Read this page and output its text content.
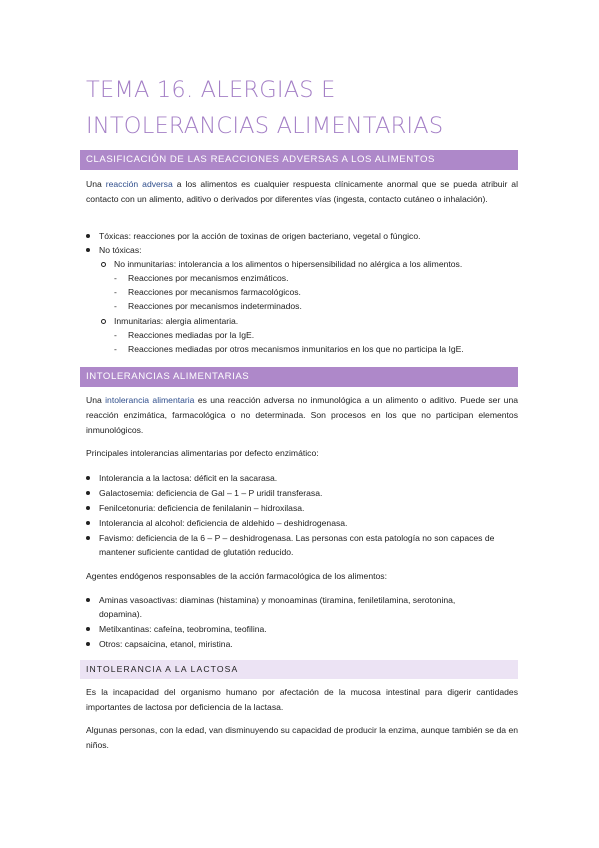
TEMA 16. ALERGIAS E INTOLERANCIAS ALIMENTARIAS
CLASIFICACIÓN DE LAS REACCIONES ADVERSAS A LOS ALIMENTOS
Una reacción adversa a los alimentos es cualquier respuesta clínicamente anormal que se pueda atribuir al contacto con un alimento, aditivo o derivados por diferentes vías (ingesta, contacto cutáneo o inhalación).
Tóxicas: reacciones por la acción de toxinas de origen bacteriano, vegetal o fúngico.
No tóxicas:
No inmunitarias: intolerancia a los alimentos o hipersensibilidad no alérgica a los alimentos.
- Reacciones por mecanismos enzimáticos.
- Reacciones por mecanismos farmacológicos.
- Reacciones por mecanismos indeterminados.
Inmunitarias: alergia alimentaria.
- Reacciones mediadas por la IgE.
- Reacciones mediadas por otros mecanismos inmunitarios en los que no participa la IgE.
INTOLERANCIAS ALIMENTARIAS
Una intolerancia alimentaria es una reacción adversa no inmunológica a un alimento o aditivo. Puede ser una reacción enzimática, farmacológica o no determinada. Son procesos en los que no participan elementos inmunológicos.
Principales intolerancias alimentarias por defecto enzimático:
Intolerancia a la lactosa: déficit en la sacarasa.
Galactosemia: deficiencia de Gal – 1 – P uridil transferasa.
Fenilcetonuria: deficiencia de fenilalanin – hidroxilasa.
Intolerancia al alcohol: deficiencia de aldehido – deshidrogenasa.
Favismo: deficiencia de la 6 – P – deshidrogenasa. Las personas con esta patología no son capaces de
mantener suficiente cantidad de glutatión reducido.
Agentes endógenos responsables de la acción farmacológica de los alimentos:
Aminas vasoactivas: diaminas (histamina) y monoaminas (tiramina, feniletilamina, serotonina,
dopamina).
Metilxantinas: cafeína, teobromina, teofilina.
Otros: capsaicina, etanol, miristina.
INTOLERANCIA A LA LACTOSA
Es la incapacidad del organismo humano por afectación de la mucosa intestinal para digerir cantidades importantes de lactosa por deficiencia de la lactasa.
Algunas personas, con la edad, van disminuyendo su capacidad de producir la enzima, aunque también se da en niños.
